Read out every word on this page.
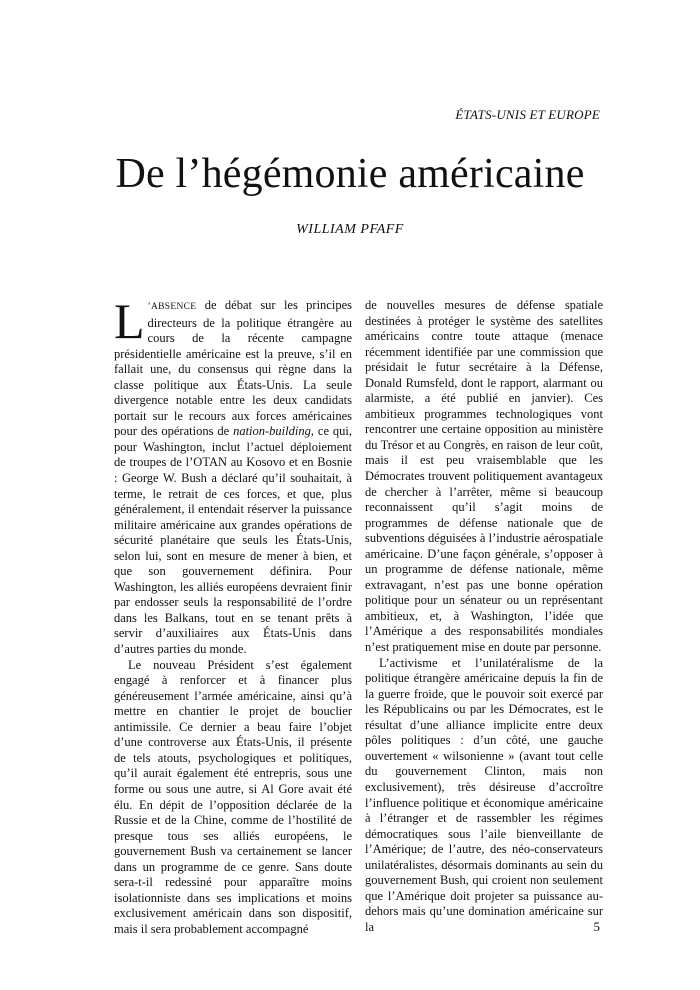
ÉTATS-UNIS ET EUROPE
De l’hégémonie américaine
WILLIAM PFAFF

L ’ABSENCE de débat sur les principes directeurs de la politique étrangère au cours de la récente campagne présidentielle américaine est la preuve, s’il en fallait une, du consensus qui règne dans la classe politique aux États-Unis. La seule divergence notable entre les deux candidats portait sur le recours aux forces américaines pour des opérations de nation-building, ce qui, pour Washington, inclut l’actuel déploiement de troupes de l’OTAN au Kosovo et en Bosnie : George W. Bush a déclaré qu’il souhaitait, à terme, le retrait de ces forces, et que, plus généralement, il entendait réserver la puissance militaire américaine aux grandes opérations de sécurité planétaire que seuls les États-Unis, selon lui, sont en mesure de mener à bien, et que son gouvernement définira. Pour Washington, les alliés européens devraient finir par endosser seuls la responsabilité de l’ordre dans les Balkans, tout en se tenant prêts à servir d’auxiliaires aux États-Unis dans d’autres parties du monde.

Le nouveau Président s’est également engagé à renforcer et à financer plus généreusement l’armée américaine, ainsi qu’à mettre en chantier le projet de bouclier antimissile. Ce dernier a beau faire l’objet d’une controverse aux États-Unis, il présente de tels atouts, psychologiques et politiques, qu’il aurait également été entrepris, sous une forme ou sous une autre, si Al Gore avait été élu. En dépit de l’opposition déclarée de la Russie et de la Chine, comme de l’hostilité de presque tous ses alliés européens, le gouvernement Bush va certainement se lancer dans un programme de ce genre. Sans doute sera-t-il redessiné pour apparaître moins isolationniste dans ses implications et moins exclusivement américain dans son dispositif, mais il sera probablement accompagné

de nouvelles mesures de défense spatiale destinées à protéger le système des satellites américains contre toute attaque (menace récemment identifiée par une commission que présidait le futur secrétaire à la Défense, Donald Rumsfeld, dont le rapport, alarmant ou alarmiste, a été publié en janvier). Ces ambitieux programmes technologiques vont rencontrer une certaine opposition au ministère du Trésor et au Congrès, en raison de leur coût, mais il est peu vraisemblable que les Démocrates trouvent politiquement avantageux de chercher à l’arrêter, même si beaucoup reconnaissent qu’il s’agit moins de programmes de défense nationale que de subventions déguisées à l’industrie aérospatiale américaine. D’une façon générale, s’opposer à un programme de défense nationale, même extravagant, n’est pas une bonne opération politique pour un sénateur ou un représentant ambitieux, et, à Washington, l’idée que l’Amérique a des responsabilités mondiales n’est pratiquement mise en doute par personne.

L’activisme et l’unilatéralisme de la politique étrangère américaine depuis la fin de la guerre froide, que le pouvoir soit exercé par les Républicains ou par les Démocrates, est le résultat d’une alliance implicite entre deux pôles politiques : d’un côté, une gauche ouvertement « wilsonienne » (avant tout celle du gouvernement Clinton, mais non exclusivement), très désireuse d’accroître l’influence politique et économique américaine à l’étranger et de rassembler les régimes démocratiques sous l’aile bienveillante de l’Amérique; de l’autre, des néo-conservateurs unilatéralistes, désormais dominants au sein du gouvernement Bush, qui croient non seulement que l’Amérique doit projeter sa puissance au-dehors mais qu’une domination américaine sur la	5
